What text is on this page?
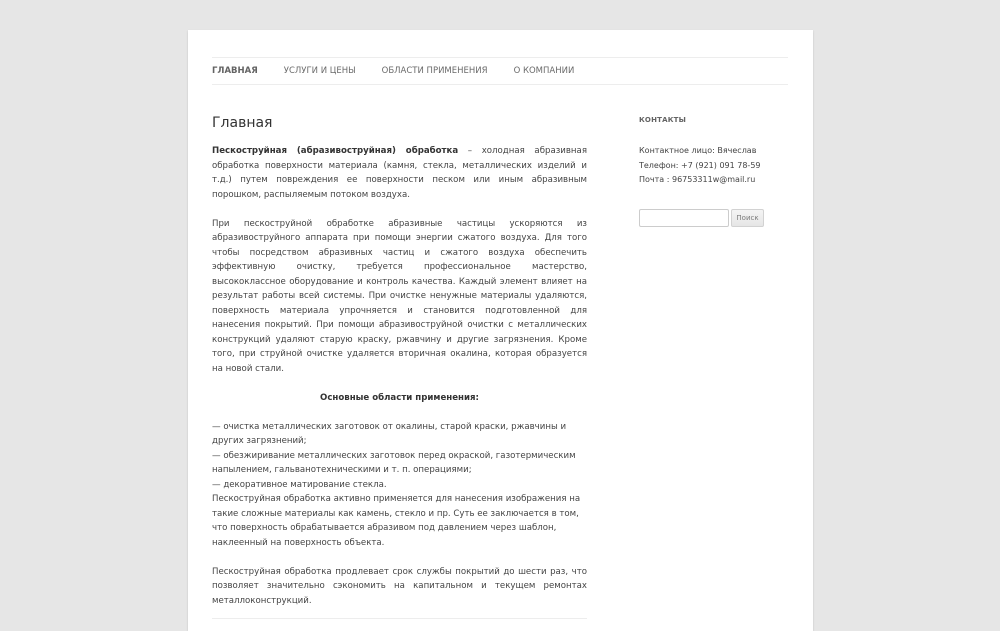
ГЛАВНАЯ	УСЛУГИ И ЦЕНЫ	ОБЛАСТИ ПРИМЕНЕНИЯ	О КОМПАНИИ
Главная

Пескоструйная (абразивоструйная) обработка – холодная абразивная обработка поверхности материала (камня, стекла, металлических изделий и т.д.) путем повреждения ее поверхности песком или иным абразивным порошком, распыляемым потоком воздуха.

При пескоструйной обработке абразивные частицы ускоряются из абразивоструйного аппарата при помощи энергии сжатого воздуха. Для того чтобы посредством абразивных частиц и сжатого воздуха обеспечить эффективную очистку, требуется профессиональное мастерство, высококлассное оборудование и контроль качества. Каждый элемент влияет на результат работы всей системы. При очистке ненужные материалы удаляются, поверхность материала упрочняется и становится подготовленной для нанесения покрытий. При помощи абразивоструйной очистки с металлических конструкций удаляют старую краску, ржавчину и другие загрязнения. Кроме того, при струйной очистке удаляется вторичная окалина, которая образуется на новой стали.

Основные области применения:

— очистка металлических заготовок от окалины, старой краски, ржавчины и других загрязнений;
— обезжиривание металлических заготовок перед окраской, газотермическим напылением, гальванотехническими и т. п. операциями;
— декоративное матирование стекла.
Пескоструйная обработка активно применяется для нанесения изображения на такие сложные материалы как камень, стекло и пр. Суть ее заключается в том, что поверхность обрабатывается абразивом под давлением через шаблон, наклеенный на поверхность объекта.

Пескоструйная обработка продлевает срок службы покрытий до шести раз, что позволяет значительно сэкономить на капитальном и текущем ремонтах металлоконструкций.

КОНТАКТЫ

Контактное лицо: Вячеслав

Телефон: +7 (921) 091 78-59

Почта : 96753311w@mail.ru

Поиск
